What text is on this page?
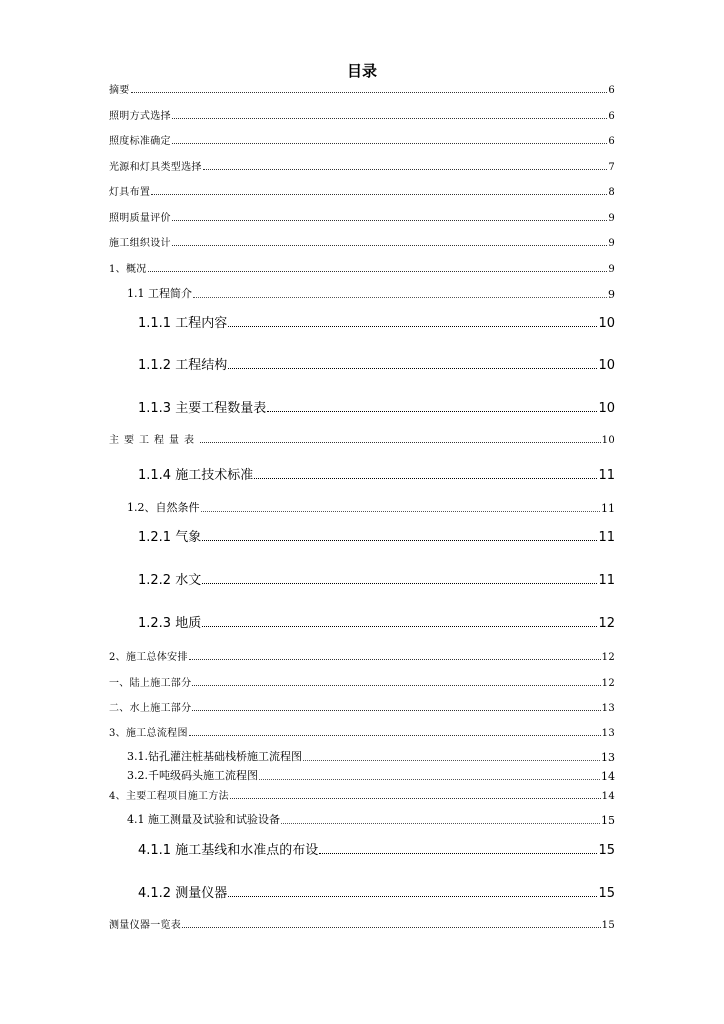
目录
摘要	6
照明方式选择	6
照度标准确定	6
光源和灯具类型选择	7
灯具布置	8
照明质量评价	9
施工组织设计	9
1、概况	9
1.1 工程简介	9
1.1.1 工程内容	10
1.1.2 工程结构	10
1.1.3 主要工程数量表	10
主要工程量表	10
1.1.4 施工技术标准	11
1.2、自然条件	11
1.2.1 气象	11
1.2.2 水文	11
1.2.3 地质	12
2、施工总体安排	12
一、陆上施工部分	12
二、水上施工部分	13
3、施工总流程图	13
3.1.钻孔灌注桩基础栈桥施工流程图	13
3.2.千吨级码头施工流程图	14
4、主要工程项目施工方法	14
4.1 施工测量及试验和试验设备	15
4.1.1 施工基线和水准点的布设	15
4.1.2 测量仪器	15
测量仪器一览表	15
